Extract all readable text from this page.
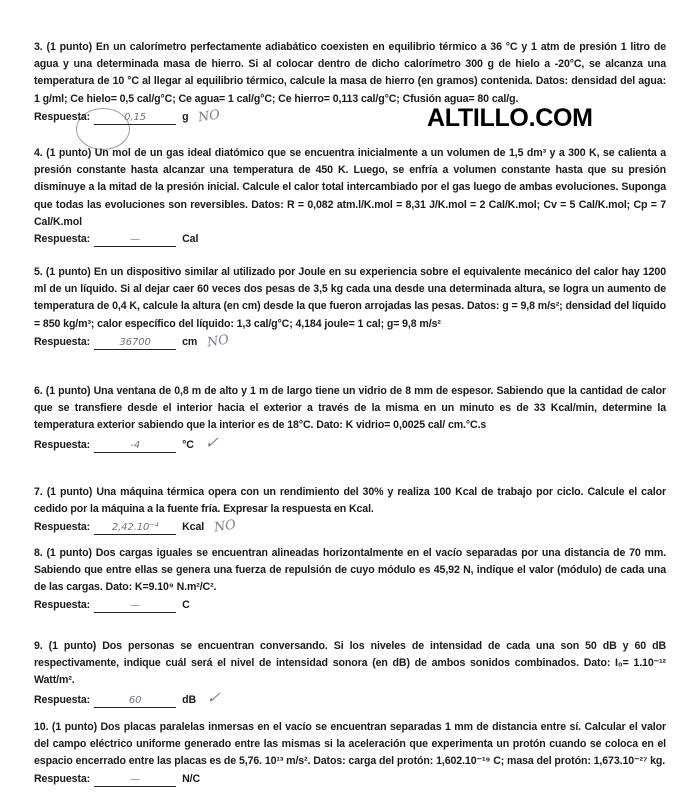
ALTILLO.COM

3. (1 punto) En un calorímetro perfectamente adiabático coexisten en equilibrio térmico a 36 °C y 1 atm de presión 1 litro de agua y una determinada masa de hierro. Si al colocar dentro de dicho calorímetro 300 g de hielo a -20°C, se alcanza una temperatura de 10 °C al llegar al equilibrio térmico, calcule la masa de hierro (en gramos) contenida. Datos: densidad del agua: 1 g/ml; Ce hielo= 0,5 cal/g°C; Ce agua= 1 cal/g°C; Ce hierro= 0,113 cal/g°C; Cfusión agua= 80 cal/g.

Respuesta:	0,15	g NO

4. (1 punto) Un mol de un gas ideal diatómico que se encuentra inicialmente a un volumen de 1,5 dm³ y a 300 K, se calienta a presión constante hasta alcanzar una temperatura de 450 K. Luego, se enfría a volumen constante hasta que su presión disminuye a la mitad de la presión inicial. Calcule el calor total intercambiado por el gas luego de ambas evoluciones. Suponga que todas las evoluciones son reversibles. Datos: R = 0,082 atm.l/K.mol = 8,31 J/K.mol = 2 Cal/K.mol; Cv = 5 Cal/K.mol; Cp = 7 Cal/K.mol

Respuesta:	—	Cal

5. (1 punto) En un dispositivo similar al utilizado por Joule en su experiencia sobre el equivalente mecánico del calor hay 1200 ml de un líquido. Si al dejar caer 60 veces dos pesas de 3,5 kg cada una desde una determinada altura, se logra un aumento de temperatura de 0,4 K, calcule la altura (en cm) desde la que fueron arrojadas las pesas. Datos: g = 9,8 m/s²; densidad del líquido = 850 kg/m³; calor específico del líquido: 1,3 cal/g°C; 4,184 joule= 1 cal; g= 9,8 m/s²

Respuesta:	36700	cm NO

6. (1 punto) Una ventana de 0,8 m de alto y 1 m de largo tiene un vidrio de 8 mm de espesor. Sabiendo que la cantidad de calor que se transfiere desde el interior hacia el exterior a través de la misma en un minuto es de 33 Kcal/min, determine la temperatura exterior sabiendo que la interior es de 18°C. Dato: K vidrio= 0,0025 cal/ cm.°C.s

Respuesta:	-4	°C ✓

7. (1 punto) Una máquina térmica opera con un rendimiento del 30% y realiza 100 Kcal de trabajo por ciclo. Calcule el calor cedido por la máquina a la fuente fría. Expresar la respuesta en Kcal.

Respuesta: 2,42.10⁻⁴ Kcal NO

8. (1 punto) Dos cargas iguales se encuentran alineadas horizontalmente en el vacío separadas por una distancia de 70 mm. Sabiendo que entre ellas se genera una fuerza de repulsión de cuyo módulo es 45,92 N, indique el valor (módulo) de cada una de las cargas. Dato: K=9.10⁹ N.m²/C².

Respuesta:	—	C

9. (1 punto) Dos personas se encuentran conversando. Si los niveles de intensidad de cada una son 50 dB y 60 dB respectivamente, indique cuál será el nivel de intensidad sonora (en dB) de ambos sonidos combinados. Dato: I₀= 1.10⁻¹² Watt/m².

Respuesta:	60	dB ✓

10. (1 punto) Dos placas paralelas inmersas en el vacío se encuentran separadas 1 mm de distancia entre sí. Calcular el valor del campo eléctrico uniforme generado entre las mismas si la aceleración que experimenta un protón cuando se coloca en el espacio encerrado entre las placas es de 5,76. 10¹³ m/s². Datos: carga del protón: 1,602.10⁻¹⁹ C; masa del protón: 1,673.10⁻²⁷ kg.

Respuesta:	—	N/C
